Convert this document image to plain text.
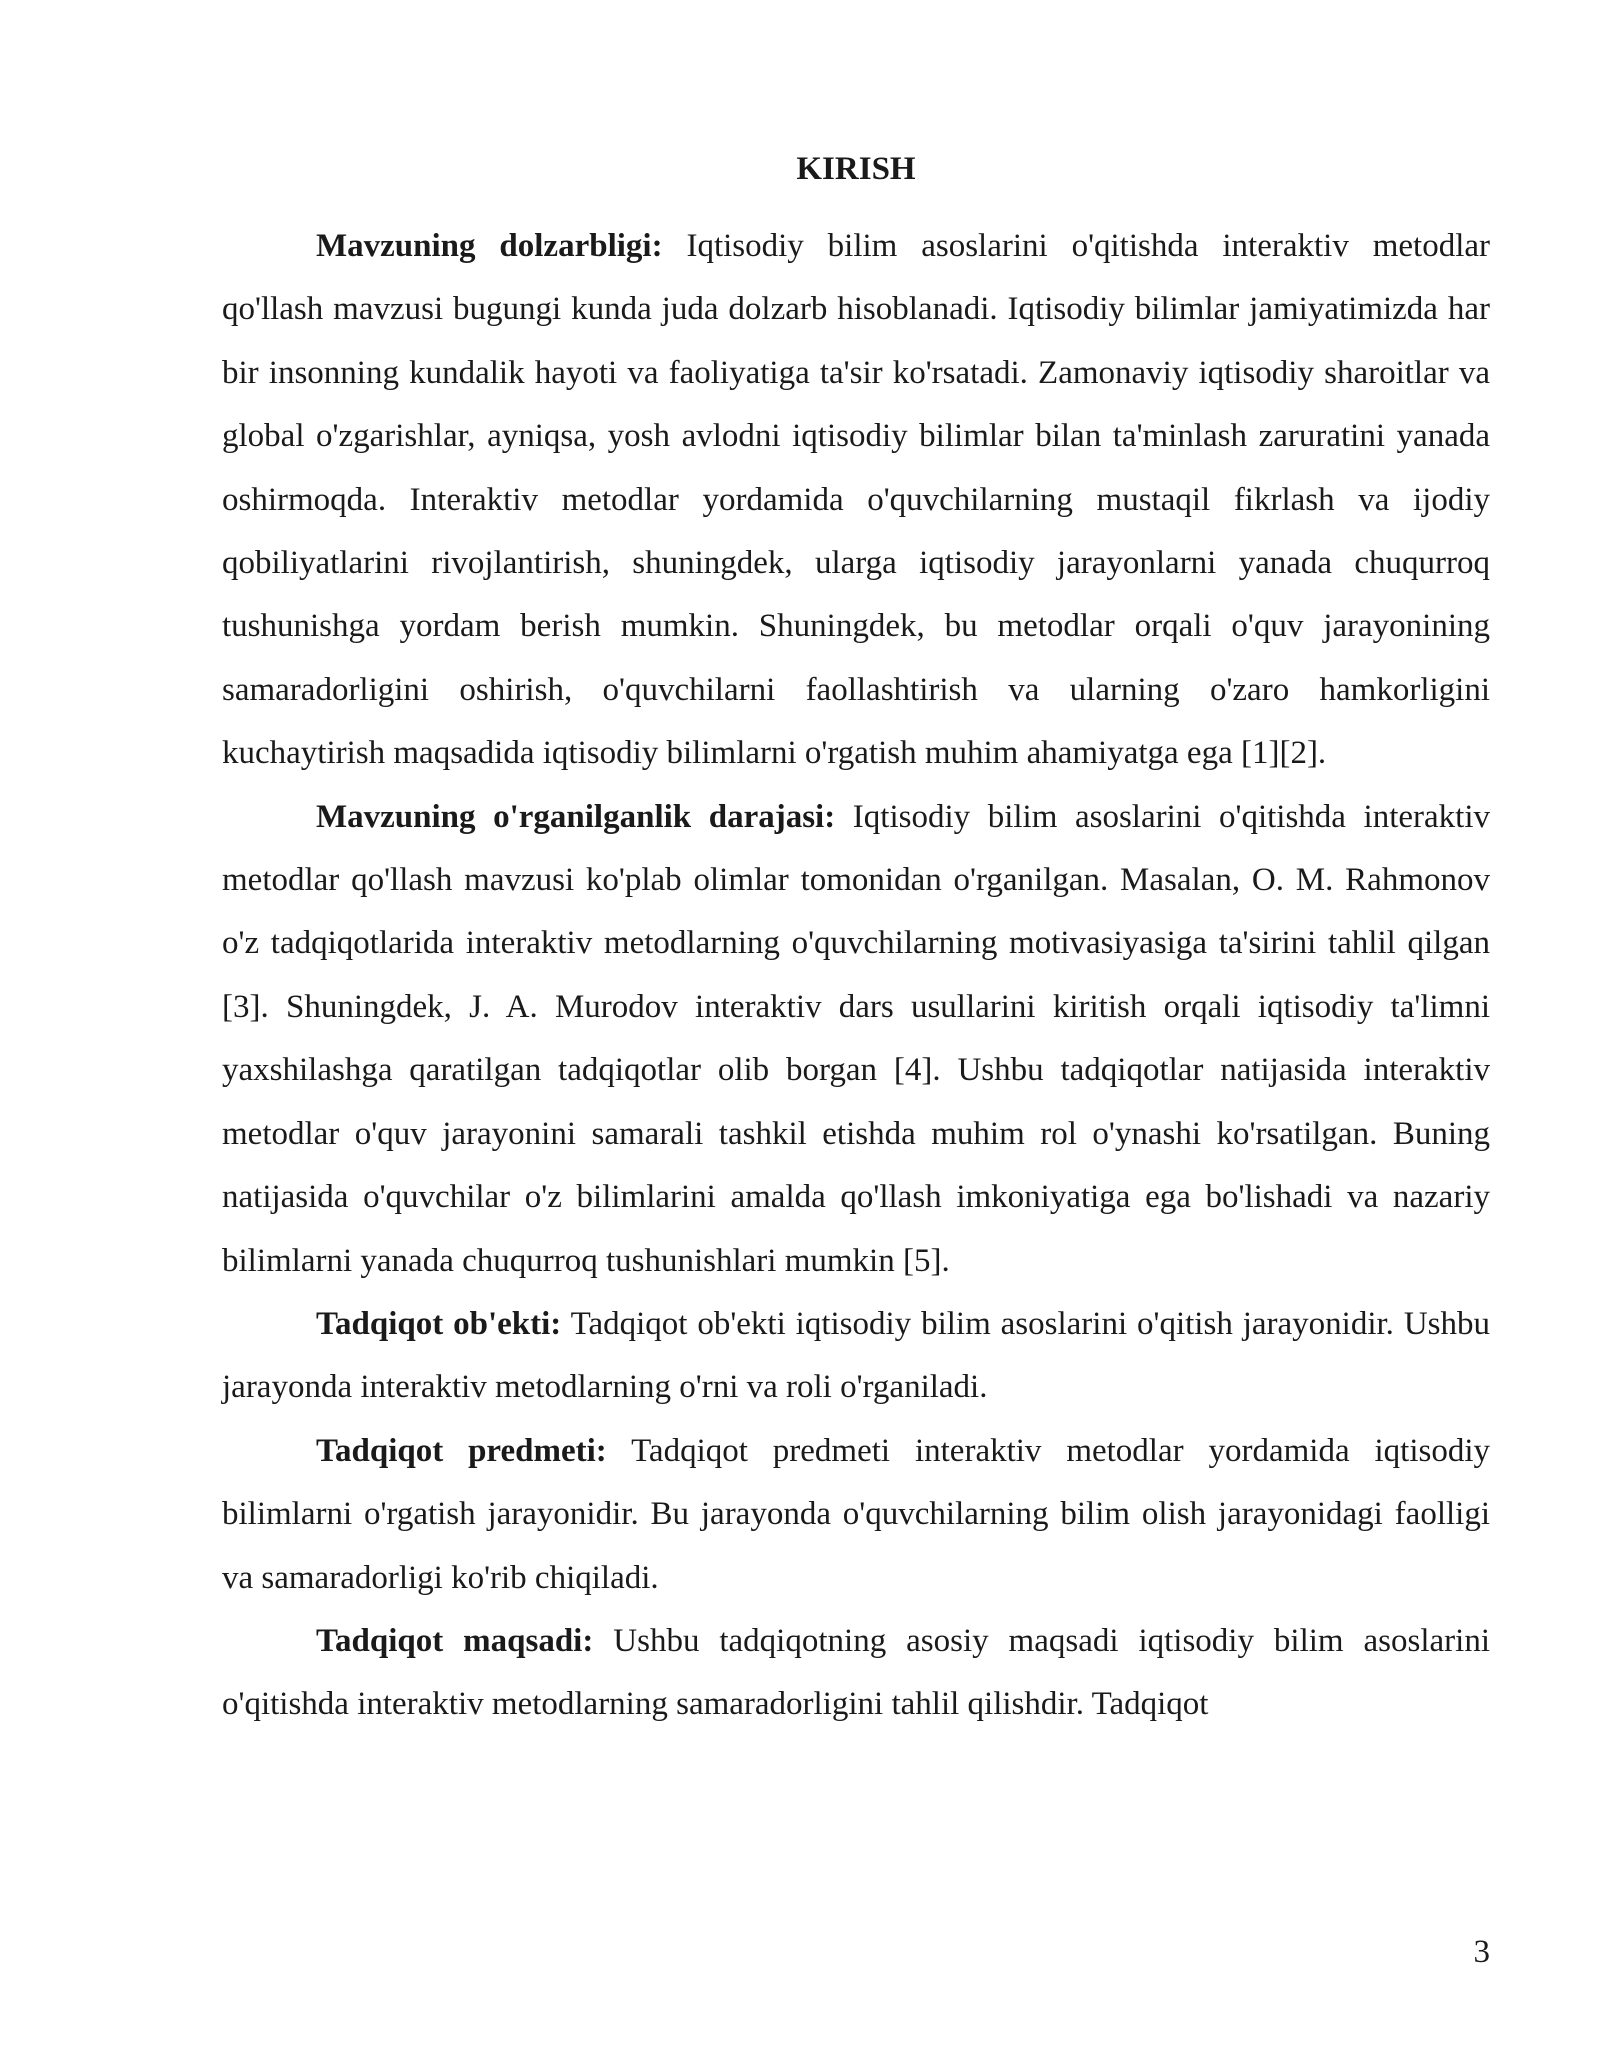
KIRISH

Mavzuning dolzarbligi: Iqtisodiy bilim asoslarini o'qitishda interaktiv metodlar qo'llash mavzusi bugungi kunda juda dolzarb hisoblanadi. Iqtisodiy bilimlar jamiyatimizda har bir insonning kundalik hayoti va faoliyatiga ta'sir ko'rsatadi. Zamonaviy iqtisodiy sharoitlar va global o'zgarishlar, ayniqsa, yosh avlodni iqtisodiy bilimlar bilan ta'minlash zaruratini yanada oshirmoqda. Interaktiv metodlar yordamida o'quvchilarning mustaqil fikrlash va ijodiy qobiliyatlarini rivojlantirish, shuningdek, ularga iqtisodiy jarayonlarni yanada chuqurroq tushunishga yordam berish mumkin. Shuningdek, bu metodlar orqali o'quv jarayonining samaradorligini oshirish, o'quvchilarni faollashtirish va ularning o'zaro hamkorligini kuchaytirish maqsadida iqtisodiy bilimlarni o'rgatish muhim ahamiyatga ega [1][2].

Mavzuning o'rganilganlik darajasi: Iqtisodiy bilim asoslarini o'qitishda interaktiv metodlar qo'llash mavzusi ko'plab olimlar tomonidan o'rganilgan. Masalan, O. M. Rahmonov o'z tadqiqotlarida interaktiv metodlarning o'quvchilarning motivasiyasiga ta'sirini tahlil qilgan [3]. Shuningdek, J. A. Murodov interaktiv dars usullarini kiritish orqali iqtisodiy ta'limni yaxshilashga qaratilgan tadqiqotlar olib borgan [4]. Ushbu tadqiqotlar natijasida interaktiv metodlar o'quv jarayonini samarali tashkil etishda muhim rol o'ynashi ko'rsatilgan. Buning natijasida o'quvchilar o'z bilimlarini amalda qo'llash imkoniyatiga ega bo'lishadi va nazariy bilimlarni yanada chuqurroq tushunishlari mumkin [5].

Tadqiqot ob'ekti: Tadqiqot ob'ekti iqtisodiy bilim asoslarini o'qitish jarayonidir. Ushbu jarayonda interaktiv metodlarning o'rni va roli o'rganiladi.

Tadqiqot predmeti: Tadqiqot predmeti interaktiv metodlar yordamida iqtisodiy bilimlarni o'rgatish jarayonidir. Bu jarayonda o'quvchilarning bilim olish jarayonidagi faolligi va samaradorligi ko'rib chiqiladi.

Tadqiqot maqsadi: Ushbu tadqiqotning asosiy maqsadi iqtisodiy bilim asoslarini o'qitishda interaktiv metodlarning samaradorligini tahlil qilishdir. Tadqiqot

3
